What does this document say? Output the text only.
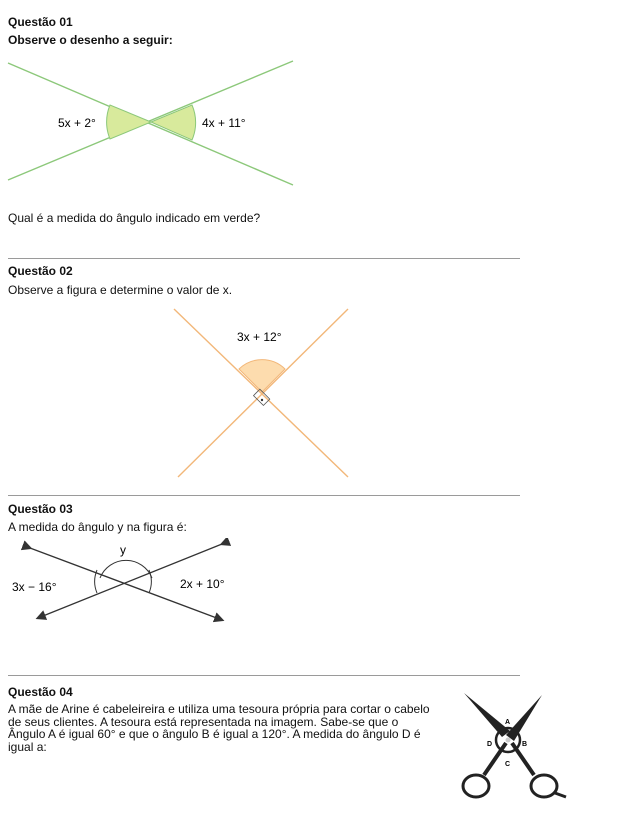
Questão 01
Observe o desenho a seguir:
5x + 2°	4x + 11°
Qual é a medida do ângulo indicado em verde?
Questão 02
Observe a figura e determine o valor de x.
3x + 12°
Questão 03
A medida do ângulo y na figura é:
y
3x − 16°	2x + 10°
Questão 04
A mãe de Arine é cabeleireira e utiliza uma tesoura própria para cortar o cabelo de seus clientes. A tesoura está representada na imagem. Sabe-se que o Ângulo A é igual 60° e que o ângulo B é igual a 120°. A medida do ângulo D é igual a:
A
B
C
D
